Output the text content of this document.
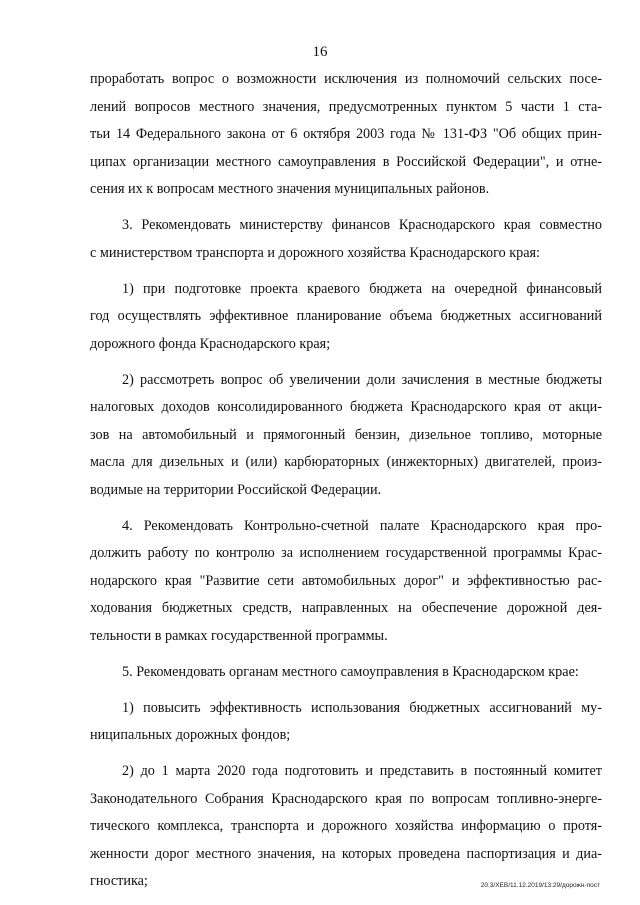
16
проработать вопрос о возможности исключения из полномочий сельских посе-
лений вопросов местного значения, предусмотренных пунктом 5 части 1 ста-
тьи 14 Федерального закона от 6 октября 2003 года № 131-ФЗ "Об общих прин-
ципах организации местного самоуправления в Российской Федерации", и отне-
сения их к вопросам местного значения муниципальных районов.
3. Рекомендовать министерству финансов Краснодарского края совместно
с министерством транспорта и дорожного хозяйства Краснодарского края:
1) при подготовке проекта краевого бюджета на очередной финансовый
год осуществлять эффективное планирование объема бюджетных ассигнований
дорожного фонда Краснодарского края;
2) рассмотреть вопрос об увеличении доли зачисления в местные бюджеты
налоговых доходов консолидированного бюджета Краснодарского края от акци-
зов на автомобильный и прямогонный бензин, дизельное топливо, моторные
масла для дизельных и (или) карбюраторных (инжекторных) двигателей, произ-
водимые на территории Российской Федерации.
4. Рекомендовать Контрольно-счетной палате Краснодарского края про-
должить работу по контролю за исполнением государственной программы Крас-
нодарского края "Развитие сети автомобильных дорог" и эффективностью рас-
ходования бюджетных средств, направленных на обеспечение дорожной дея-
тельности в рамках государственной программы.
5. Рекомендовать органам местного самоуправления в Краснодарском крае:
1) повысить эффективность использования бюджетных ассигнований му-
ниципальных дорожных фондов;
2) до 1 марта 2020 года подготовить и представить в постоянный комитет
Законодательного Собрания Краснодарского края по вопросам топливно-энерге-
тического комплекса, транспорта и дорожного хозяйства информацию о протя-
женности дорог местного значения, на которых проведена паспортизация и диа-
гностика;	20.3/ХЕВ/11.12.2019/13:29/дорожн-пост
